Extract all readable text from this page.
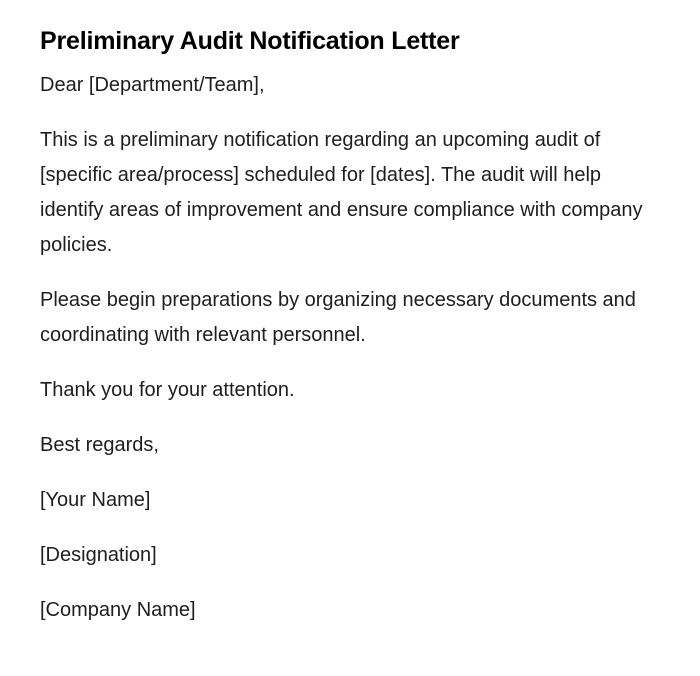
Preliminary Audit Notification Letter

Dear [Department/Team],

This is a preliminary notification regarding an upcoming audit of [specific area/process] scheduled for [dates]. The audit will help identify areas of improvement and ensure compliance with company policies.

Please begin preparations by organizing necessary documents and coordinating with relevant personnel.

Thank you for your attention.

Best regards,

[Your Name]

[Designation]

[Company Name]
